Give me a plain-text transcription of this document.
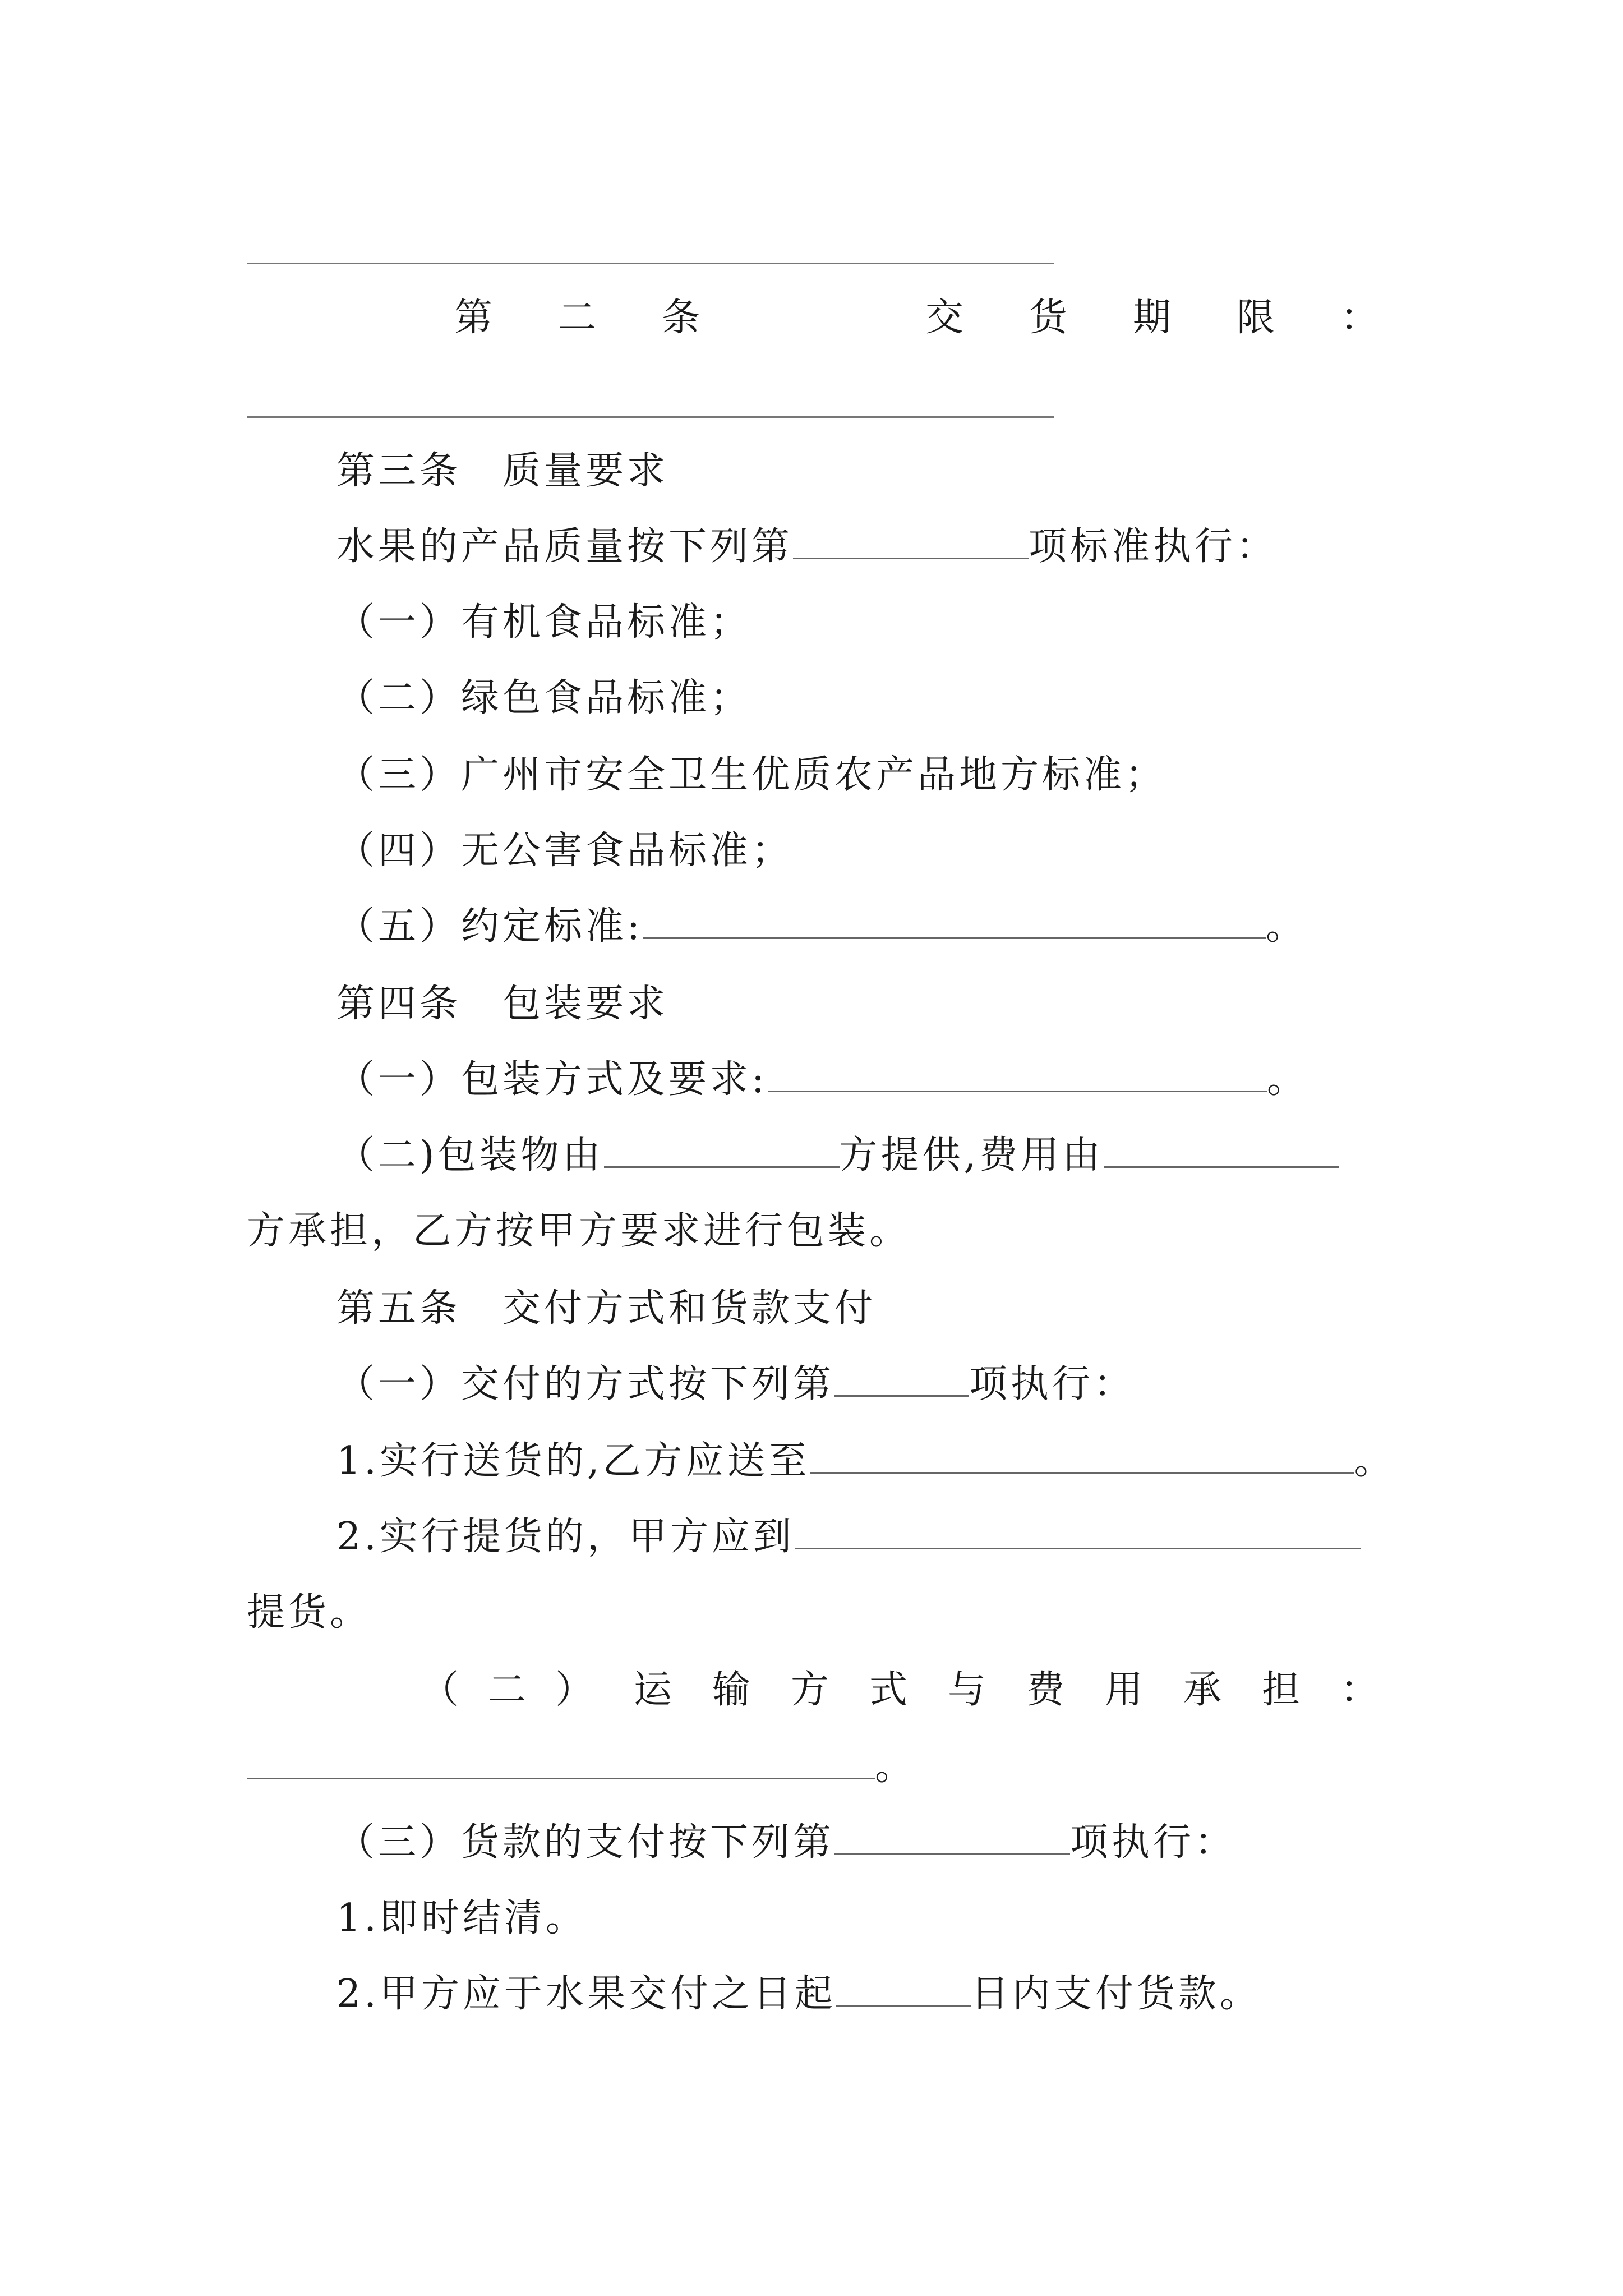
第 二 条	交 货 期 限 ：
第三条　质量要求
水果的产品质量按下列第	项标准执行：
（一）有机食品标准；
（二）绿色食品标准；
（三）广州市安全卫生优质农产品地方标准；
（四）无公害食品标准；
（五）约定标准:	。
第四条　包装要求
（一）包装方式及要求:	。
（二)包装物由	方提供,费用由
方承担，乙方按甲方要求进行包装。
第五条　交付方式和货款支付
（一）交付的方式按下列第	项执行：
1.实行送货的,乙方应送至	。
2.实行提货的，甲方应到
提货。
（ 二 ） 运 输 方 式 与 费 用 承 担 ：
。
（三）货款的支付按下列第	项执行：
1.即时结清。
2.甲方应于水果交付之日起	日内支付货款。
